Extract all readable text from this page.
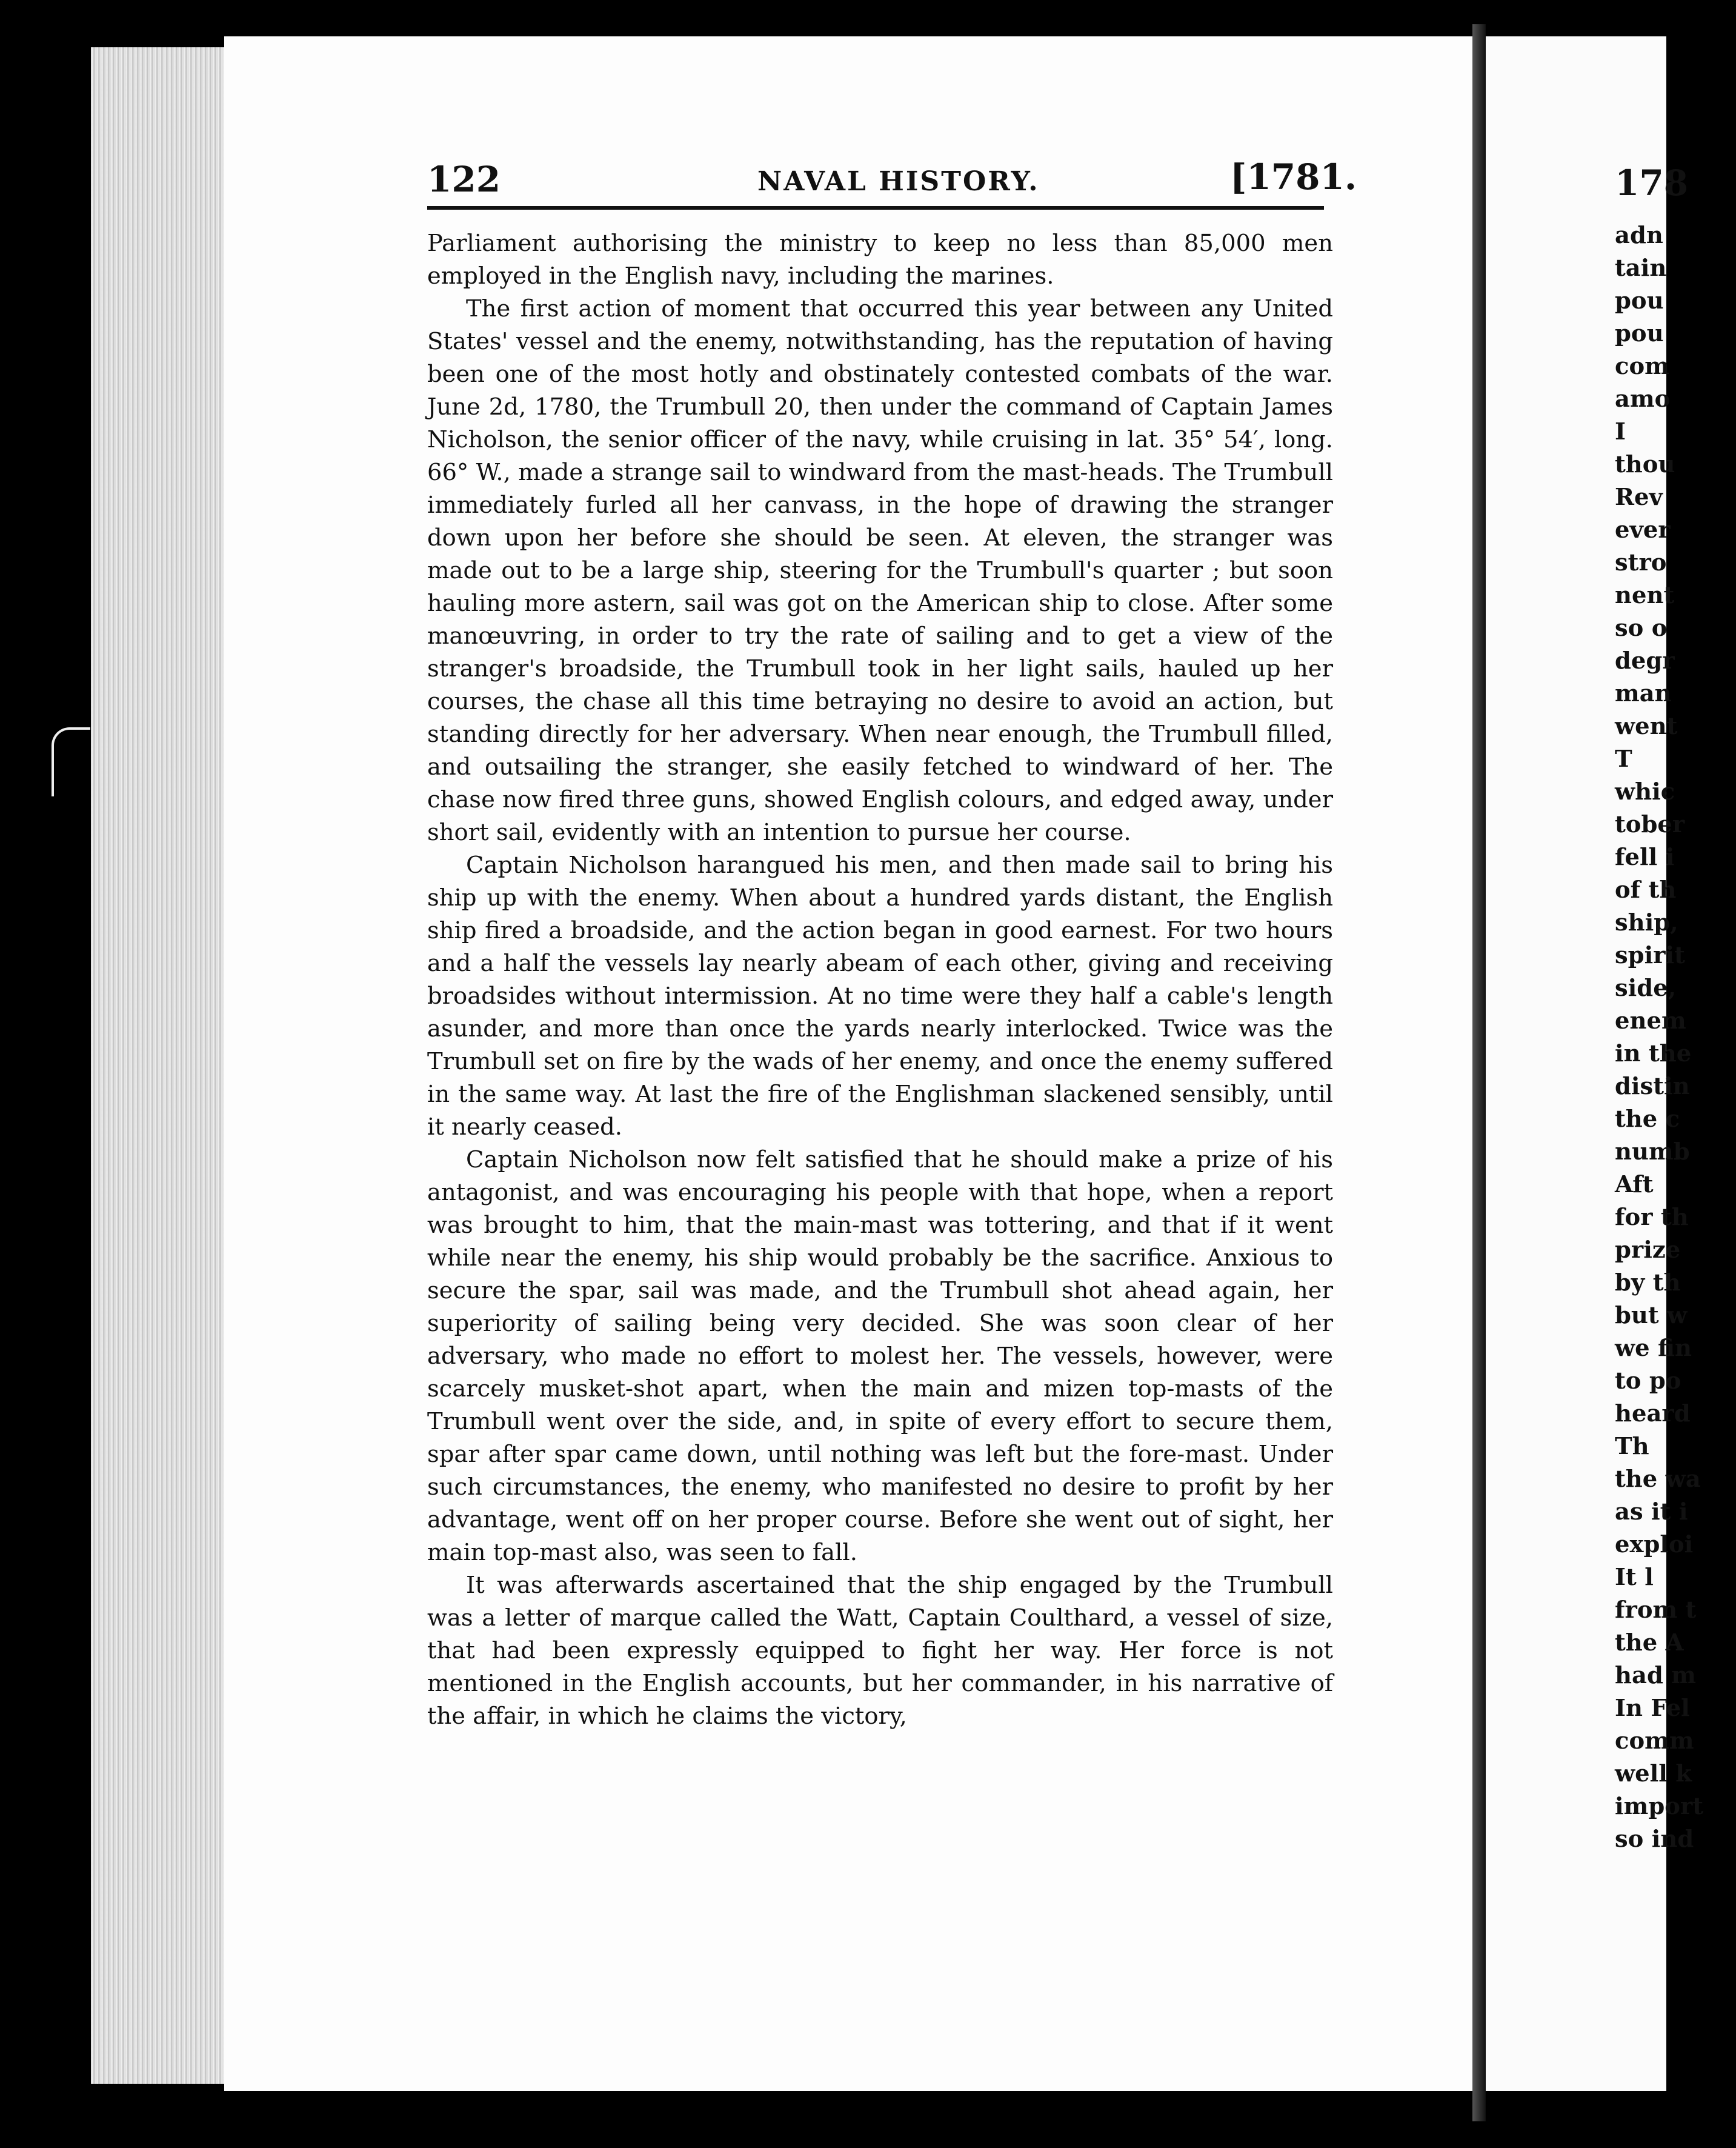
122	NAVAL HISTORY.	[1781.

Parliament authorising the ministry to keep no less than 85,000 men employed in the English navy, including the marines.

The first action of moment that occurred this year between any United States' vessel and the enemy, notwithstanding, has the reputation of having been one of the most hotly and obstinately contested combats of the war. June 2d, 1780, the Trumbull 20, then under the command of Captain James Nicholson, the senior officer of the navy, while cruising in lat. 35° 54′, long. 66° W., made a strange sail to windward from the mast-heads. The Trumbull immediately furled all her canvass, in the hope of drawing the stranger down upon her before she should be seen. At eleven, the stranger was made out to be a large ship, steering for the Trumbull's quarter ; but soon hauling more astern, sail was got on the American ship to close. After some manœuvring, in order to try the rate of sailing and to get a view of the stranger's broadside, the Trumbull took in her light sails, hauled up her courses, the chase all this time betraying no desire to avoid an action, but standing directly for her adversary. When near enough, the Trumbull filled, and outsailing the stranger, she easily fetched to windward of her. The chase now fired three guns, showed English colours, and edged away, under short sail, evidently with an intention to pursue her course.

Captain Nicholson harangued his men, and then made sail to bring his ship up with the enemy. When about a hundred yards distant, the English ship fired a broadside, and the action began in good earnest. For two hours and a half the vessels lay nearly abeam of each other, giving and receiving broadsides without intermission. At no time were they half a cable's length asunder, and more than once the yards nearly interlocked. Twice was the Trumbull set on fire by the wads of her enemy, and once the enemy suffered in the same way. At last the fire of the Englishman slackened sensibly, until it nearly ceased.

Captain Nicholson now felt satisfied that he should make a prize of his antagonist, and was encouraging his people with that hope, when a report was brought to him, that the main-mast was tottering, and that if it went while near the enemy, his ship would probably be the sacrifice. Anxious to secure the spar, sail was made, and the Trumbull shot ahead again, her superiority of sailing being very decided. She was soon clear of her adversary, who made no effort to molest her. The vessels, however, were scarcely musket-shot apart, when the main and mizen top-masts of the Trumbull went over the side, and, in spite of every effort to secure them, spar after spar came down, until nothing was left but the fore-mast. Under such circumstances, the enemy, who manifested no desire to profit by her advantage, went off on her proper course. Before she went out of sight, her main top-mast also, was seen to fall.

It was afterwards ascertained that the ship engaged by the Trumbull was a letter of marque called the Watt, Captain Coulthard, a vessel of size, that had been expressly equipped to fight her way. Her force is not mentioned in the English accounts, but her commander, in his narrative of the affair, in which he claims the victory,

178
adn
tain
pou
pou
com
amo
I
thou
Rev
ever
stro
nent
so o
degr
man
went
T
whic
tober
fell i
of th
ship,
spirit
side,
enem
in the
distin
the c
numb
Aft
for th
prize
by th
but w
we fin
to po
heard
Th
the wa
as it i
exploi
It l
from t
the A
had m
In Fel
comm
well k
import
so ind
